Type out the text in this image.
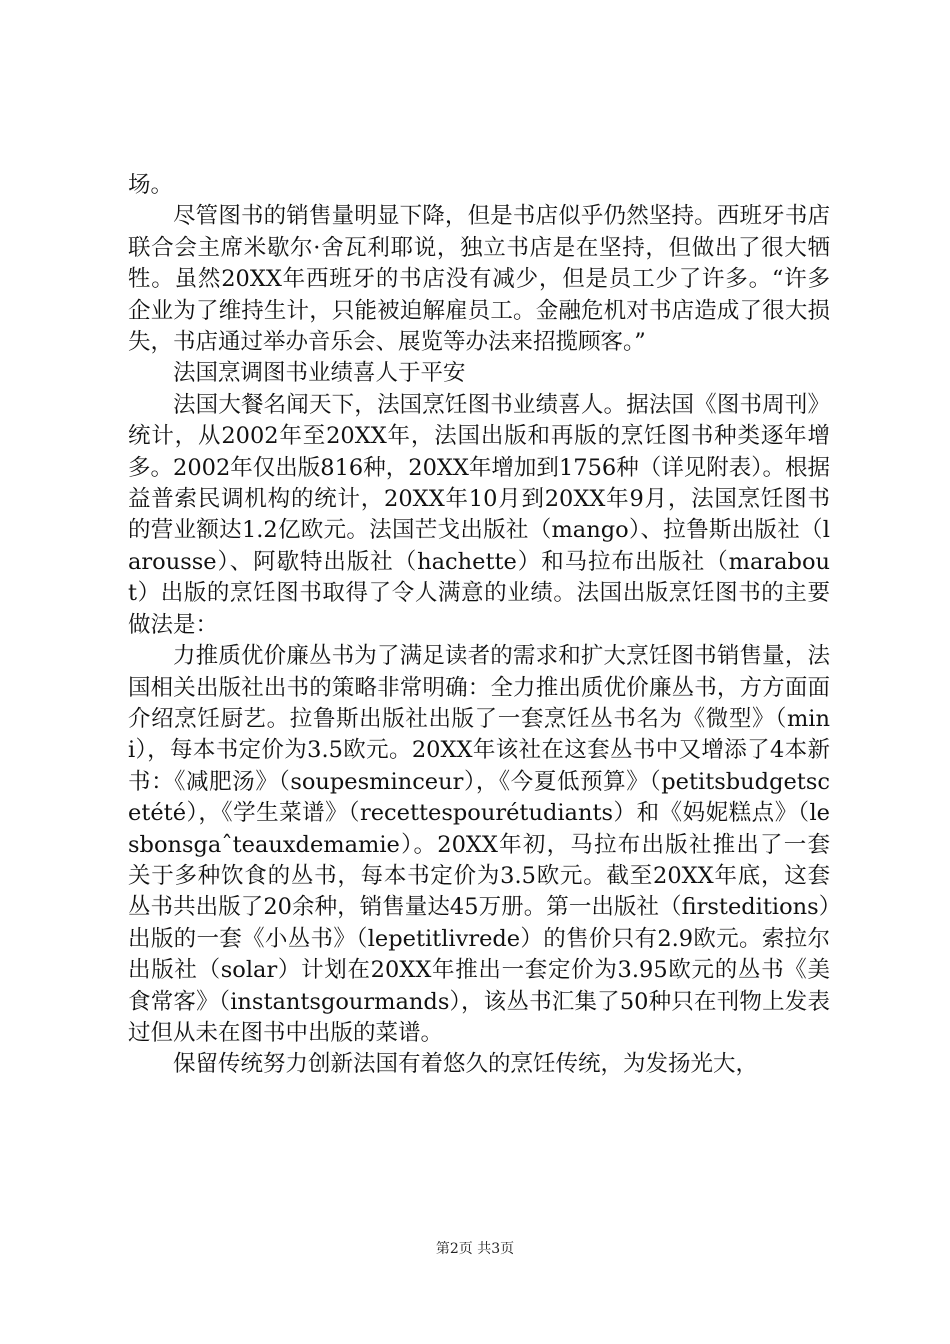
场。

尽管图书的销售量明显下降，但是书店似乎仍然坚持。西班牙书店联合会主席米歇尔·舍瓦利耶说，独立书店是在坚持，但做出了很大牺牲。虽然20XX年西班牙的书店没有减少，但是员工少了许多。“许多企业为了维持生计，只能被迫解雇员工。金融危机对书店造成了很大损失，书店通过举办音乐会、展览等办法来招揽顾客。”

法国烹调图书业绩喜人于平安

法国大餐名闻天下，法国烹饪图书业绩喜人。据法国《图书周刊》统计，从2002年至20XX年，法国出版和再版的烹饪图书种类逐年增多。2002年仅出版816种，20XX年增加到1756种（详见附表）。根据益普索民调机构的统计，20XX年10月到20XX年9月，法国烹饪图书的营业额达1.2亿欧元。法国芒戈出版社（mango）、拉鲁斯出版社（larousse）、阿歇特出版社（hachette）和马拉布出版社（marabout）出版的烹饪图书取得了令人满意的业绩。法国出版烹饪图书的主要做法是：

力推质优价廉丛书为了满足读者的需求和扩大烹饪图书销售量，法国相关出版社出书的策略非常明确：全力推出质优价廉丛书，方方面面介绍烹饪厨艺。拉鲁斯出版社出版了一套烹饪丛书名为《微型》（mini），每本书定价为3.5欧元。20XX年该社在这套丛书中又增添了4本新书：《减肥汤》（soupesminceur），《今夏低预算》（petitsbudgetscetété），《学生菜谱》（recettespourétudiants）和《妈妮糕点》（lesbonsgaˆteauxdemamie）。20XX年初，马拉布出版社推出了一套关于多种饮食的丛书，每本书定价为3.5欧元。截至20XX年底，这套丛书共出版了20余种，销售量达45万册。第一出版社（firsteditions）出版的一套《小丛书》（lepetitlivrede）的售价只有2.9欧元。索拉尔出版社（solar）计划在20XX年推出一套定价为3.95欧元的丛书《美食常客》（instantsgourmands），该丛书汇集了50种只在刊物上发表过但从未在图书中出版的菜谱。

保留传统努力创新法国有着悠久的烹饪传统，为发扬光大，

第2页 共3页
